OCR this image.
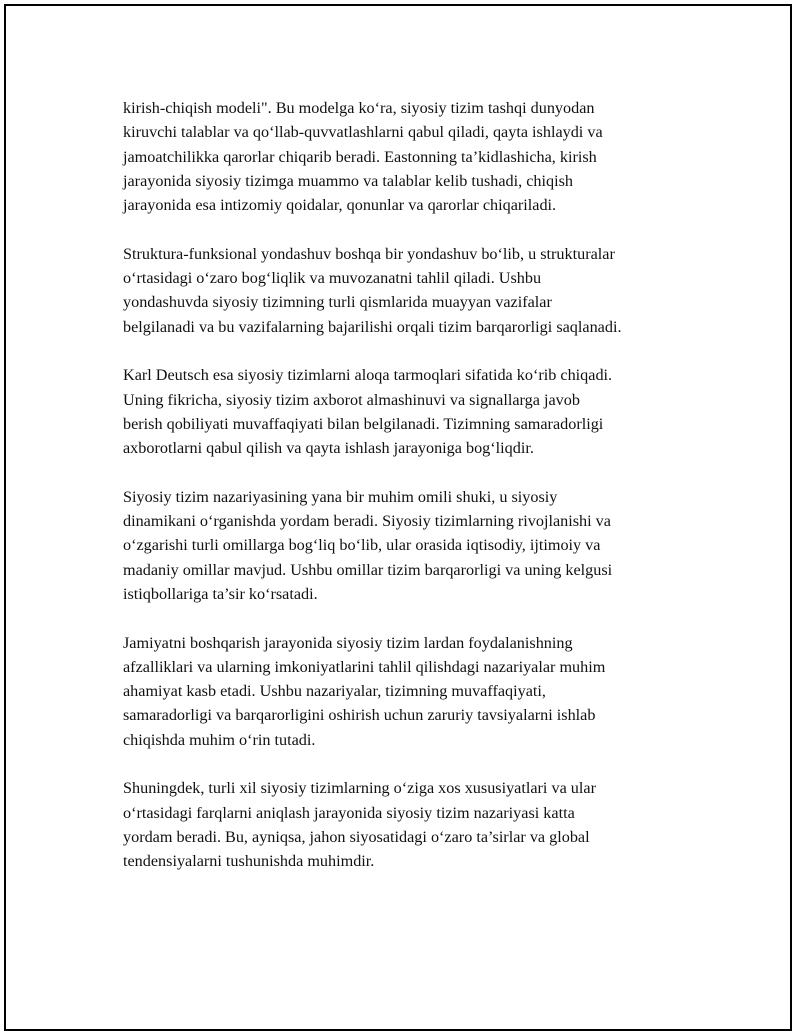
kirish-chiqish modeli". Bu modelga ko‘ra, siyosiy tizim tashqi dunyodan
kiruvchi talablar va qo‘llab-quvvatlashlarni qabul qiladi, qayta ishlaydi va
jamoatchilikka qarorlar chiqarib beradi. Eastonning ta’kidlashicha, kirish
jarayonida siyosiy tizimga muammo va talablar kelib tushadi, chiqish
jarayonida esa intizomiy qoidalar, qonunlar va qarorlar chiqariladi.

Struktura-funksional yondashuv boshqa bir yondashuv bo‘lib, u strukturalar
o‘rtasidagi o‘zaro bog‘liqlik va muvozanatni tahlil qiladi. Ushbu
yondashuvda siyosiy tizimning turli qismlarida muayyan vazifalar
belgilanadi va bu vazifalarning bajarilishi orqali tizim barqarorligi saqlanadi.

Karl Deutsch esa siyosiy tizimlarni aloqa tarmoqlari sifatida ko‘rib chiqadi.
Uning fikricha, siyosiy tizim axborot almashinuvi va signallarga javob
berish qobiliyati muvaffaqiyati bilan belgilanadi. Tizimning samaradorligi
axborotlarni qabul qilish va qayta ishlash jarayoniga bog‘liqdir.

Siyosiy tizim nazariyasining yana bir muhim omili shuki, u siyosiy
dinamikani o‘rganishda yordam beradi. Siyosiy tizimlarning rivojlanishi va
o‘zgarishi turli omillarga bog‘liq bo‘lib, ular orasida iqtisodiy, ijtimoiy va
madaniy omillar mavjud. Ushbu omillar tizim barqarorligi va uning kelgusi
istiqbollariga ta’sir ko‘rsatadi.

Jamiyatni boshqarish jarayonida siyosiy tizim lardan foydalanishning
afzalliklari va ularning imkoniyatlarini tahlil qilishdagi nazariyalar muhim
ahamiyat kasb etadi. Ushbu nazariyalar, tizimning muvaffaqiyati,
samaradorligi va barqarorligini oshirish uchun zaruriy tavsiyalarni ishlab
chiqishda muhim o‘rin tutadi.

Shuningdek, turli xil siyosiy tizimlarning o‘ziga xos xususiyatlari va ular
o‘rtasidagi farqlarni aniqlash jarayonida siyosiy tizim nazariyasi katta
yordam beradi. Bu, ayniqsa, jahon siyosatidagi o‘zaro ta’sirlar va global
tendensiyalarni tushunishda muhimdir.
